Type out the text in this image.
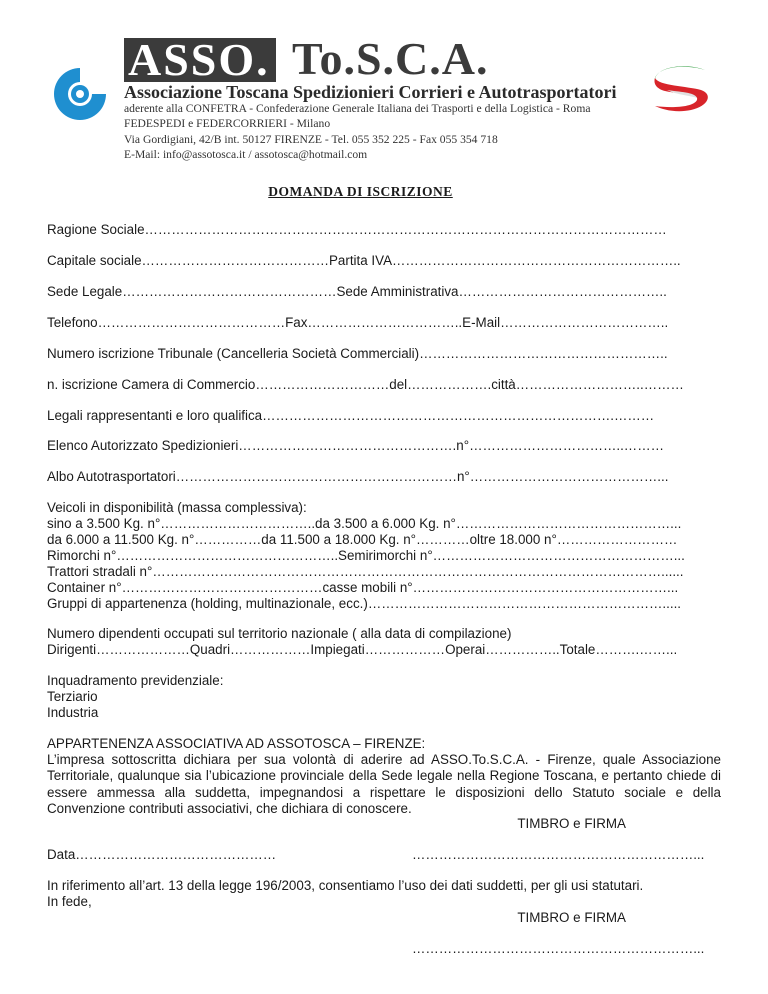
ASSO. To.S.C.A.
Associazione Toscana Spedizionieri Corrieri e Autotrasportatori
aderente alla CONFETRA - Confederazione Generale Italiana dei Trasporti e della Logistica - Roma
FEDESPEDI e FEDERCORRIERI - Milano
Via Gordigiani, 42/B int. 50127 FIRENZE - Tel. 055 352 225 - Fax 055 354 718
E-Mail: info@assotosca.it / assotosca@hotmail.com
DOMANDA DI ISCRIZIONE
Ragione Sociale………………………………………………………………………………………………………
Capitale sociale……………………………………Partita IVA………………………………………………………..
Sede Legale…………………………………………Sede Amministrativa………………………………………..
Telefono……………………………………Fax……………………………..E-Mail………………………………..
Numero iscrizione Tribunale (Cancelleria Società Commerciali)………………………………………………..
n. iscrizione Camera di Commercio…………………………del……………….città………………………..………
Legali rappresentanti e loro qualifica…………………………………………………………………….………
Elenco Autorizzato Spedizionieri………………………………………….n°……………………………..………
Albo Autotrasportatori………………………………………………………n°……………………………………...
Veicoli in disponibilità (massa complessiva):
sino a 3.500 Kg. n°……………………………..da 3.500 a 6.000 Kg. n°…………………………………………...
da 6.000 a 11.500 Kg. n°……………da 11.500 a 18.000 Kg. n°…………oltre 18.000 n°………………………
Rimorchi n°…………………………………………..Semirimorchi n°………………………………………………...
Trattori stradali n°……………………………………………………………………………………………………......
Container n°………………………………………casse mobili n°…………………………………………………...
Gruppi di appartenenza (holding, multinazionale, ecc.)………………………………………………………….....
Numero dipendenti occupati sul territorio nazionale ( alla data di compilazione)
Dirigenti…………………Quadri………………Impiegati………………Operai……………..Totale……….……...
Inquadramento previdenziale:
Terziario
Industria
APPARTENENZA ASSOCIATIVA AD ASSOTOSCA – FIRENZE:
L’impresa sottoscritta dichiara per sua volontà di aderire ad ASSO.To.S.C.A. - Firenze, quale Associazione Territoriale, qualunque sia l’ubicazione provinciale della Sede legale nella Regione Toscana, e pertanto chiede di essere ammessa alla suddetta, impegnandosi a rispettare le disposizioni dello Statuto sociale e della Convenzione contributi associativi, che dichiara di conoscere.
TIMBRO e FIRMA
Data………………………………………	………………………………………………………...
In riferimento all’art. 13 della legge 196/2003, consentiamo l’uso dei dati suddetti, per gli usi statutari.
In fede,
TIMBRO e FIRMA
………………………………………………………...
